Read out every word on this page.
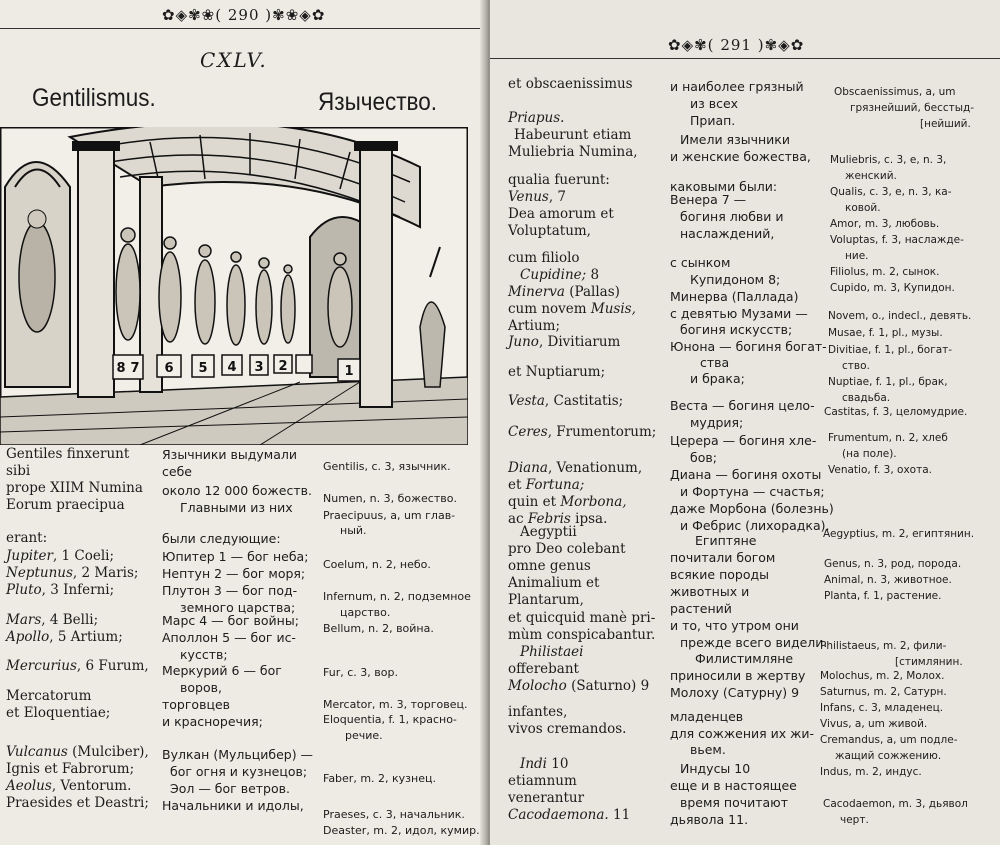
✿◈✾❀( 290 )✾❀◈✿
CXLV.
Gentilismus.	Язычество.
8 7 6 5 4 3 2	1
Gentiles finxerunt
sibi
prope XIIM Numina
Eorum praecipua
erant:
Jupiter, 1 Coeli;
Neptunus, 2 Maris;
Pluto, 3 Inferni;
Mars, 4 Belli;
Apollo, 5 Artium;
Mercurius, 6 Furum,
Mercatorum
et Eloquentiae;
Vulcanus (Mulciber),
Ignis et Fabrorum;
Aeolus, Ventorum.
Praesides et Deastri;
Язычники выдумали
себе
около 12 000 божеств.
Главными из них
были следующие:
Юпитер 1 — бог неба;
Нептун 2 — бог моря;
Плутон 3 — бог под-
земного царства;
Марс 4 — бог войны;
Аполлон 5 — бог ис-
кусств;
Меркурий 6 — бог
воров,
торговцев
и красноречия;
Вулкан (Мульцибер) —
бог огня и кузнецов;
Эол — бог ветров.
Начальники и идолы,
Gentilis, c. 3, язычник.
Numen, n. 3, божество.
Praecipuus, a, um глав-
ный.
Coelum, n. 2, небо.
Infernum, n. 2, подземное
царство.
Bellum, n. 2, война.
Fur, c. 3, вор.
Mercator, m. 3, торговец.
Eloquentia, f. 1, красно-
речие.
Faber, m. 2, кузнец.
Praeses, c. 3, начальник.
Deaster, m. 2, идол, кумир.
✿◈✾( 291 )✾◈✿
et obscaenissimus
Priapus.
Habeurunt etiam
Muliebria Numina,
qualia fuerunt:
Venus, 7
Dea amorum et
Voluptatum,
cum filiolo
Cupidine; 8
Minerva (Pallas)
cum novem Musis,
Artium;
Juno, Divitiarum
et Nuptiarum;
Vesta, Castitatis;
Ceres, Frumentorum;
Diana, Venationum,
et Fortuna;
quin et Morbona,
ac Febris ipsa.
Aegyptii
pro Deo colebant
omne genus
Animalium et
Plantarum,
et quicquid manè pri-
mùm conspicabantur.
Philistaei
offerebant
Molocho (Saturno) 9
infantes,
vivos cremandos.
Indi 10
etiamnum
venerantur
Cacodaemona. 11
и наиболее грязный
из всех
Приап.
Имели язычники
и женские божества,
каковыми были:
Венера 7 —
богиня любви и
наслаждений,
с сынком
Купидоном 8;
Минерва (Паллада)
с девятью Музами —
богиня искусств;
Юнона — богиня богат-
ства
и брака;
Веста — богиня цело-
мудрия;
Церера — богиня хле-
бов;
Диана — богиня охоты
и Фортуна — счастья;
даже Морбона (болезнь)
и Фебрис (лихорадка).
Египтяне
почитали богом
всякие породы
животных и
растений
и то, что утром они
прежде всего видели.
Филистимляне
приносили в жертву
Молоху (Сатурну) 9
младенцев
для сожжения их жи-
вьем.
Индусы 10
еще и в настоящее
время почитают
дьявола 11.
Obscaenissimus, a, um
грязнейший, бесстыд-
[нейший.
Muliebris, c. 3, e, n. 3,
женский.
Qualis, c. 3, e, n. 3, ка-
ковой.
Amor, m. 3, любовь.
Voluptas, f. 3, наслажде-
ние.
Filiolus, m. 2, сынок.
Cupido, m. 3, Купидон.
Novem, o., indecl., девять.
Musae, f. 1, pl., музы.
Divitiae, f. 1, pl., богат-
ство.
Nuptiae, f. 1, pl., брак,
свадьба.
Castitas, f. 3, целомудрие.
Frumentum, n. 2, хлеб
(на поле).
Venatio, f. 3, охота.
Aegyptius, m. 2, египтянин.
Genus, n. 3, род, порода.
Animal, n. 3, животное.
Planta, f. 1, растение.
Philistaeus, m. 2, фили-
[стимлянин.
Molochus, m. 2, Молох.
Saturnus, m. 2, Сатурн.
Infans, c. 3, младенец.
Vivus, a, um живой.
Cremandus, a, um подле-
жащий сожжению.
Indus, m. 2, индус.
Cacodaemon, m. 3, дьявол
черт.
